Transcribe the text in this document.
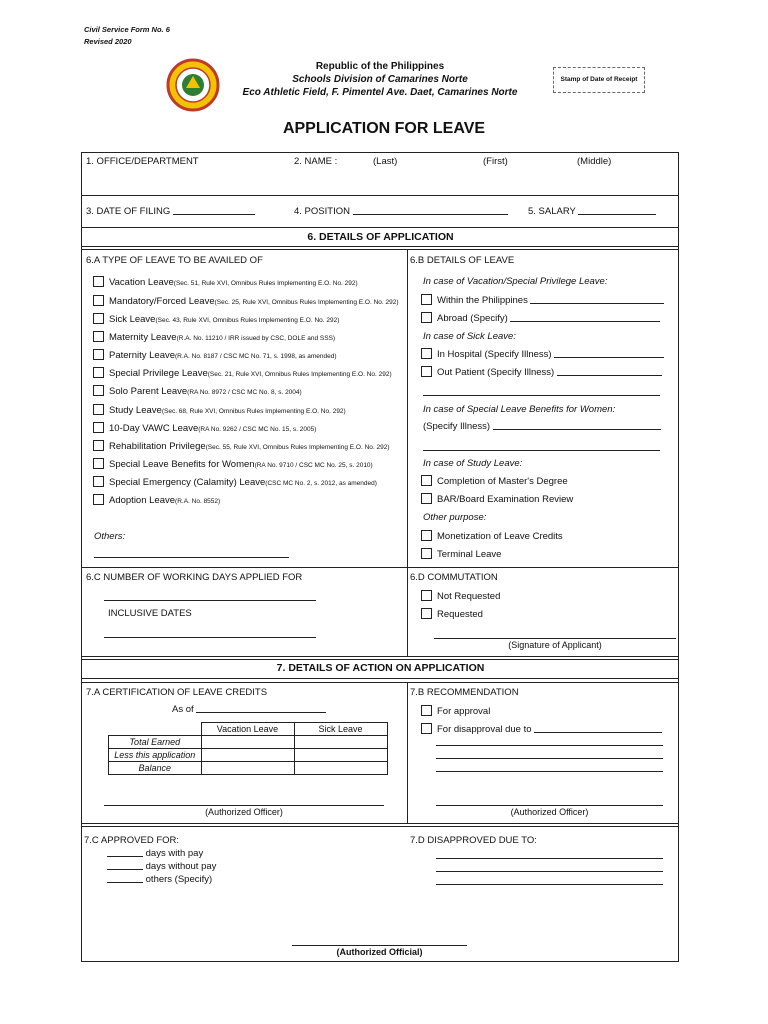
Civil Service Form No. 6
Revised 2020
Republic of the Philippines
Schools Division of Camarines Norte
Eco Athletic Field, F. Pimentel Ave. Daet, Camarines Norte
Stamp of Date of Receipt
APPLICATION FOR LEAVE
1. OFFICE/DEPARTMENT	2. NAME :	(Last)	(First)	(Middle)
3. DATE OF FILING	4. POSITION	5. SALARY
6. DETAILS OF APPLICATION
6.A TYPE OF LEAVE TO BE AVAILED OF
Vacation Leave(Sec. 51, Rule XVI, Omnibus Rules Implementing E.O. No. 292)
Mandatory/Forced Leave(Sec. 25, Rule XVI, Omnibus Rules Implementing E.O. No. 292)
Sick Leave(Sec. 43, Rule XVI, Omnibus Rules Implementing E.O. No. 292)
Maternity Leave(R.A. No. 11210 / IRR issued by CSC, DOLE and SSS)
Paternity Leave(R.A. No. 8187 / CSC MC No. 71, s. 1998, as amended)
Special Privilege Leave(Sec. 21, Rule XVI, Omnibus Rules Implementing E.O. No. 292)
Solo Parent Leave(RA No. 8972 / CSC MC No. 8, s. 2004)
Study Leave(Sec. 68, Rule XVI, Omnibus Rules Implementing E.O. No. 292)
10-Day VAWC Leave(RA No. 9262 / CSC MC No. 15, s. 2005)
Rehabilitation Privilege(Sec. 55, Rule XVI, Omnibus Rules Implementing E.O. No. 292)
Special Leave Benefits for Women(RA No. 9710 / CSC MC No. 25, s. 2010)
Special Emergency (Calamity) Leave(CSC MC No. 2, s. 2012, as amended)
Adoption Leave(R.A. No. 8552)
Others:
6.B DETAILS OF LEAVE
In case of Vacation/Special Privilege Leave:
Within the Philippines
Abroad (Specify)
In case of Sick Leave:
In Hospital (Specify Illness)
Out Patient (Specify Illness)
In case of Special Leave Benefits for Women:
(Specify Illness)
In case of Study Leave:
Completion of Master's Degree
BAR/Board Examination Review
Other purpose:
Monetization of Leave Credits
Terminal Leave
6.C NUMBER OF WORKING DAYS APPLIED FOR
INCLUSIVE DATES
6.D COMMUTATION
Not Requested
Requested
(Signature of Applicant)
7. DETAILS OF ACTION ON APPLICATION
7.A CERTIFICATION OF LEAVE CREDITS
As of
	Vacation Leave	Sick Leave
Total Earned		
Less this application		
Balance		
(Authorized Officer)
7.B RECOMMENDATION
For approval
For disapproval due to
(Authorized Officer)
7.C APPROVED FOR:
days with pay
days without pay
others (Specify)
7.D DISAPPROVED DUE TO:
(Authorized Official)
